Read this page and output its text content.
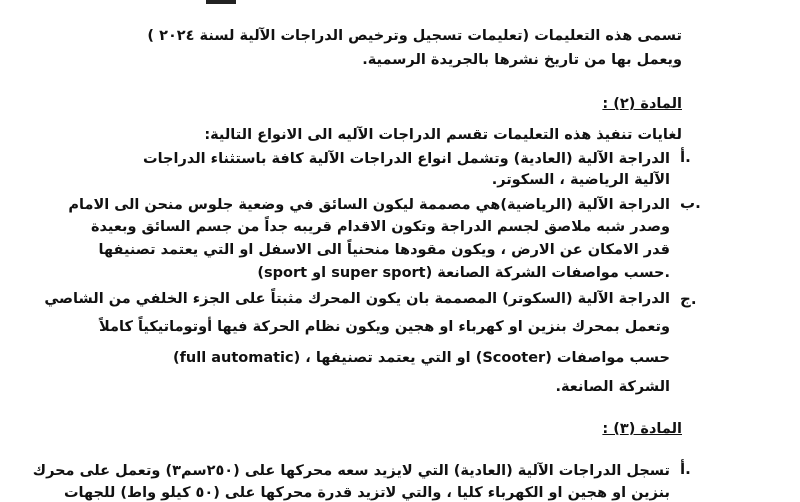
تسمى هذه التعليمات (تعليمات تسجيل وترخيص الدراجات الآلية لسنة ٢٠٢٤ )
ويعمل بها من تاريخ نشرها بالجريدة الرسمية.
المادة (٢) :
لغايات تنفيذ هذه التعليمات تقسم الدراجات الآليه الى الانواع التالية:
أ.
الدراجة الآلية (العادية) وتشمل انواع الدراجات الآلية كافة باستثناء الدراجات
الآلية الرياضية ، السكوتر.
ب.
الدراجة الآلية (الرياضية)هي مصممة ليكون السائق في وضعية جلوس منحن الى الامام
وصدر شبه ملاصق لجسم الدراجة وتكون الاقدام قريبه جداً من جسم السائق وبعيدة
قدر الامكان عن الارض ، ويكون مقودها منحنياً الى الاسفل او التي يعتمد تصنيفها
(sport او super sport) حسب مواصفات الشركة الصانعة.
ج.
الدراجة الآلية (السكوتر) المصممة بان يكون المحرك مثبتاً على الجزء الخلفي من الشاصي
وتعمل بمحرك بنزين او كهرباء او هجين ويكون نظام الحركة فيها أوتوماتيكياً كاملاً
(full automatic) ، او التي يعتمد تصنيفها (Scooter) حسب مواصفات
الشركة الصانعة.
المادة (٣) :
أ.
تسجل الدراجات الآلية (العادية) التي لايزيد سعه محركها على (٢٥٠سم٣) وتعمل على محرك
بنزين او هجين او الكهرباء كليا ، والتي لاتزيد قدرة محركها على (٥٠ كيلو واط) للجهات
